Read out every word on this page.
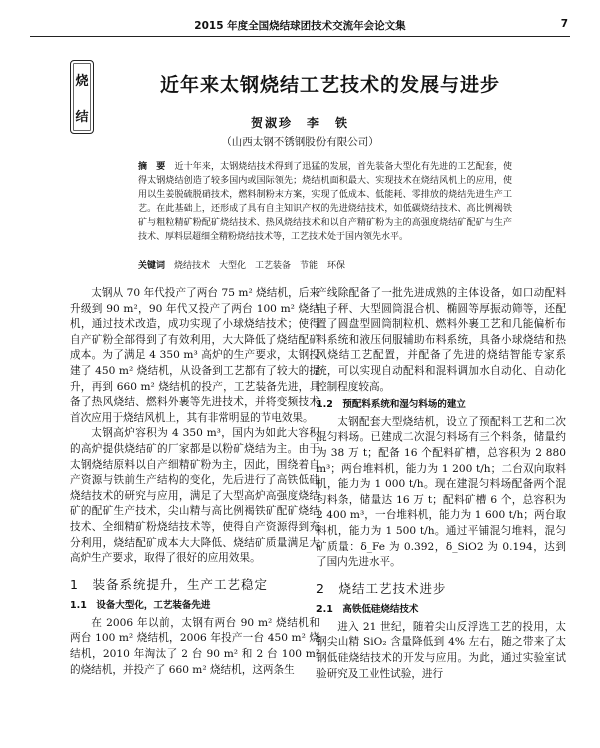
2015 年度全国烧结球团技术交流年会论文集	7
烧
结
近年来太钢烧结工艺技术的发展与进步
贺淑珍　李　铁
（山西太钢不锈钢股份有限公司）
摘　要　 近十年来，太钢烧结技术得到了迅猛的发展，首先装备大型化有先进的工艺配套，使得太钢烧结创造了较多国内或国际领先；烧结机面积最大、实现技术在烧结风机上的应用，使用以生姜脱硫脱硝技术，燃料制粉末方案，实现了低成本、低能耗、零排放的烧结先进生产工艺。在此基础上，还形成了具有自主知识产权的先进烧结技术，如低碳烧结技术、高比例褐铁矿与粗粒精矿粉配矿烧结技术、热风烧结技术和以自产精矿粉为主的高强度烧结矿配矿与生产技术、厚料层超细全精粉烧结技术等，工艺技术处于国内领先水平。
关键词　 烧结技术　大型化　工艺装备　节能　环保

太钢从 70 年代投产了两台 75 m² 烧结机，后来升级到 90 m²，90 年代又投产了两台 100 m² 烧结机，通过技术改造，成功实现了小球烧结技术；使得自产矿粉全部得到了有效利用，大大降低了烧结配矿成本。为了满足 4 350 m³ 高炉的生产要求，太钢投建了 450 m² 烧结机，从设备到工艺都有了较大的提升，再到 660 m² 烧结机的投产，工艺装备先进，具备了热风烧结、燃料外裹等先进技术，并将变频技术首次应用于烧结风机上，其有非常明显的节电效果。

太钢高炉容积为 4 350 m³，国内为如此大容积的高炉提供烧结矿的厂家都是以粉矿烧结为主。由于太钢烧结原料以自产细精矿粉为主，因此，围绕着自产资源与铁前生产结构的变化，先后进行了高铁低硅烧结技术的研究与应用，满足了大型高炉高强度烧结矿的配矿生产技术，尖山精与高比例褐铁矿配矿烧结技术、全细精矿粉烧结技术等，使得自产资源得到充分利用，烧结配矿成本大大降低、烧结矿质量满足大高炉生产要求，取得了很好的应用效果。

1　装备系统提升，生产工艺稳定
1.1　设备大型化，工艺装备先进

在 2006 年以前，太钢有两台 90 m² 烧结机和两台 100 m² 烧结机，2006 年投产一台 450 m² 烧结机，2010 年淘汰了 2 台 90 m² 和 2 台 100 m² 的烧结机，并投产了 660 m² 烧结机，这两条生

产线除配备了一批先进成熟的主体设备，如口动配料电子秤、大型圆筒混合机、椭圆等厚振动筛等，还配置了圆盘型圆筒制粒机、燃料外裹工艺和几能偏析布料系统和液压伺服辅助布料系统，具备小球烧结和热风烧结工艺配置，并配备了先进的烧结智能专家系统，可以实现自动配料和混料调加水自动化、自动化控制程度较高。

1.2　预配料系统和湿匀料场的建立

太钢配套大型烧结机，设立了预配料工艺和二次混匀料场。已建成二次混匀料场有三个料条，储量约为 38 万 t；配备 16 个配料矿槽，总容积为 2 880 m³；两台堆料机，能力为 1 200 t/h；二台双向取料机，能力为 1 000 t/h。现在建混匀料场配备两个混匀料条，储量达 16 万 t；配料矿槽 6 个，总容积为 2 400 m³，一台堆料机，能力为 1 600 t/h；两台取料机，能力为 1 500 t/h。通过平铺混匀堆料，混匀矿质量：δ_Fe 为 0.392，δ_SiO2 为 0.194，达到了国内先进水平。

2　烧结工艺技术进步
2.1　高铁低硅烧结技术

进入 21 世纪，随着尖山反浮选工艺的投用，太钢尖山精 SiO₂ 含量降低到 4% 左右，随之带来了太钢低硅烧结技术的开发与应用。为此，通过实验室试验研究及工业性试验，进行
